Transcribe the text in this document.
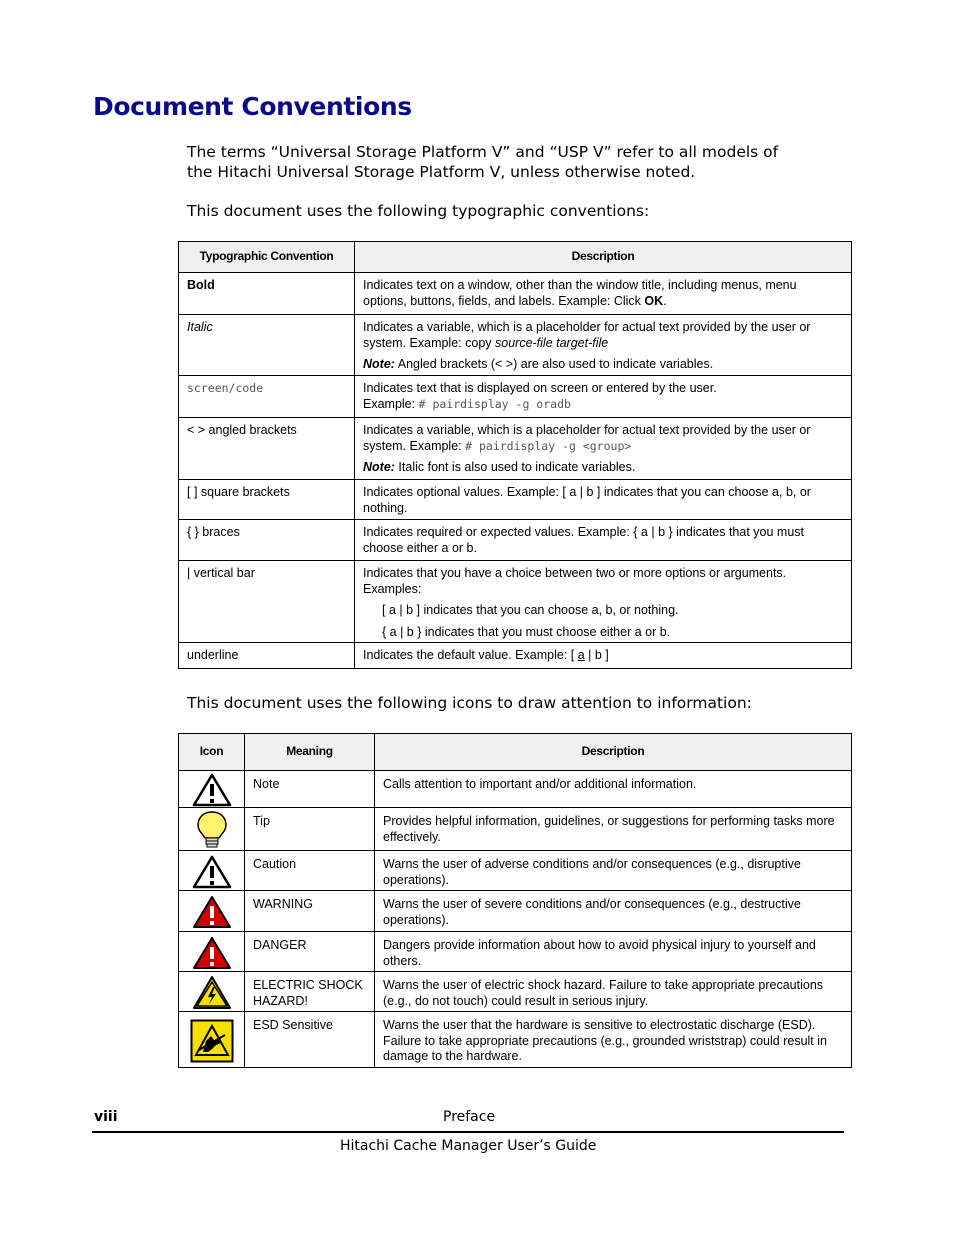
Document Conventions

The terms “Universal Storage Platform V” and “USP V” refer to all models of
the Hitachi Universal Storage Platform V, unless otherwise noted.

This document uses the following typographic conventions:

Typographic Convention	Description
Bold	Indicates text on a window, other than the window title, including menus, menu options, buttons, fields, and labels. Example: Click OK.
Italic	Indicates a variable, which is a placeholder for actual text provided by the user or system. Example: copy source-file target-file
Note: Angled brackets (< >) are also used to indicate variables.

screen/code	Indicates text that is displayed on screen or entered by the user.
Example: # pairdisplay -g oradb
< > angled brackets	Indicates a variable, which is a placeholder for actual text provided by the user or system. Example: # pairdisplay -g <group>
Note: Italic font is also used to indicate variables.

[ ] square brackets	Indicates optional values. Example: [ a | b ] indicates that you can choose a, b, or nothing.
{ } braces	Indicates required or expected values. Example: { a | b } indicates that you must choose either a or b.
| vertical bar	Indicates that you have a choice between two or more options or arguments. Examples:
[ a | b ] indicates that you can choose a, b, or nothing.
{ a | b } indicates that you must choose either a or b.

underline	Indicates the default value. Example: [ a | b ]

This document uses the following icons to draw attention to information:

Icon	Meaning	Description

	Note	Calls attention to important and/or additional information.

	Tip	Provides helpful information, guidelines, or suggestions for performing tasks more effectively.

	Caution	Warns the user of adverse conditions and/or consequences (e.g., disruptive operations).

	WARNING	Warns the user of severe conditions and/or consequences (e.g., destructive operations).

	DANGER	Dangers provide information about how to avoid physical injury to yourself and others.

	ELECTRIC SHOCK HAZARD!	Warns the user of electric shock hazard. Failure to take appropriate precautions (e.g., do not touch) could result in serious injury.

	ESD Sensitive	Warns the user that the hardware is sensitive to electrostatic discharge (ESD). Failure to take appropriate precautions (e.g., grounded wriststrap) could result in damage to the hardware.
viii	Preface
Hitachi Cache Manager User’s Guide
